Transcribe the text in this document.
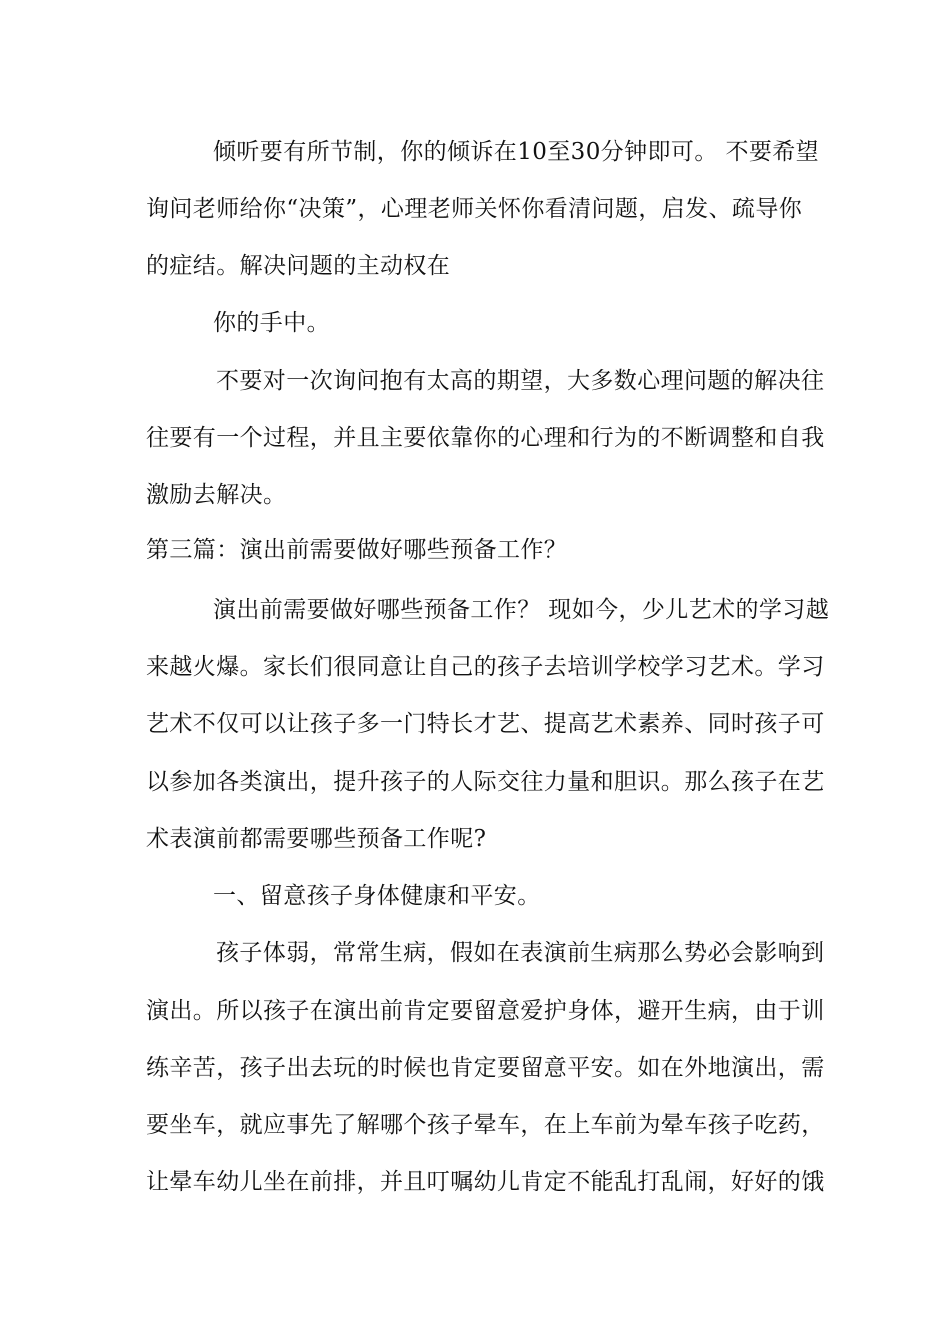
倾听要有所节制，你的倾诉在10至30分钟即可。 不要希望
询问老师给你“决策”，心理老师关怀你看清问题，启发、疏导你
的症结。解决问题的主动权在
你的手中。
不要对一次询问抱有太高的期望，大多数心理问题的解决往
往要有一个过程，并且主要依靠你的心理和行为的不断调整和自我
激励去解决。
第三篇：演出前需要做好哪些预备工作？
演出前需要做好哪些预备工作？ 现如今，少儿艺术的学习越
来越火爆。家长们很同意让自己的孩子去培训学校学习艺术。学习
艺术不仅可以让孩子多一门特长才艺、提高艺术素养、同时孩子可
以参加各类演出，提升孩子的人际交往力量和胆识。那么孩子在艺
术表演前都需要哪些预备工作呢?
一、留意孩子身体健康和平安。
孩子体弱，常常生病，假如在表演前生病那么势必会影响到
演出。所以孩子在演出前肯定要留意爱护身体，避开生病，由于训
练辛苦，孩子出去玩的时候也肯定要留意平安。如在外地演出，需
要坐车，就应事先了解哪个孩子晕车，在上车前为晕车孩子吃药，
让晕车幼儿坐在前排，并且叮嘱幼儿肯定不能乱打乱闹，好好的饿
